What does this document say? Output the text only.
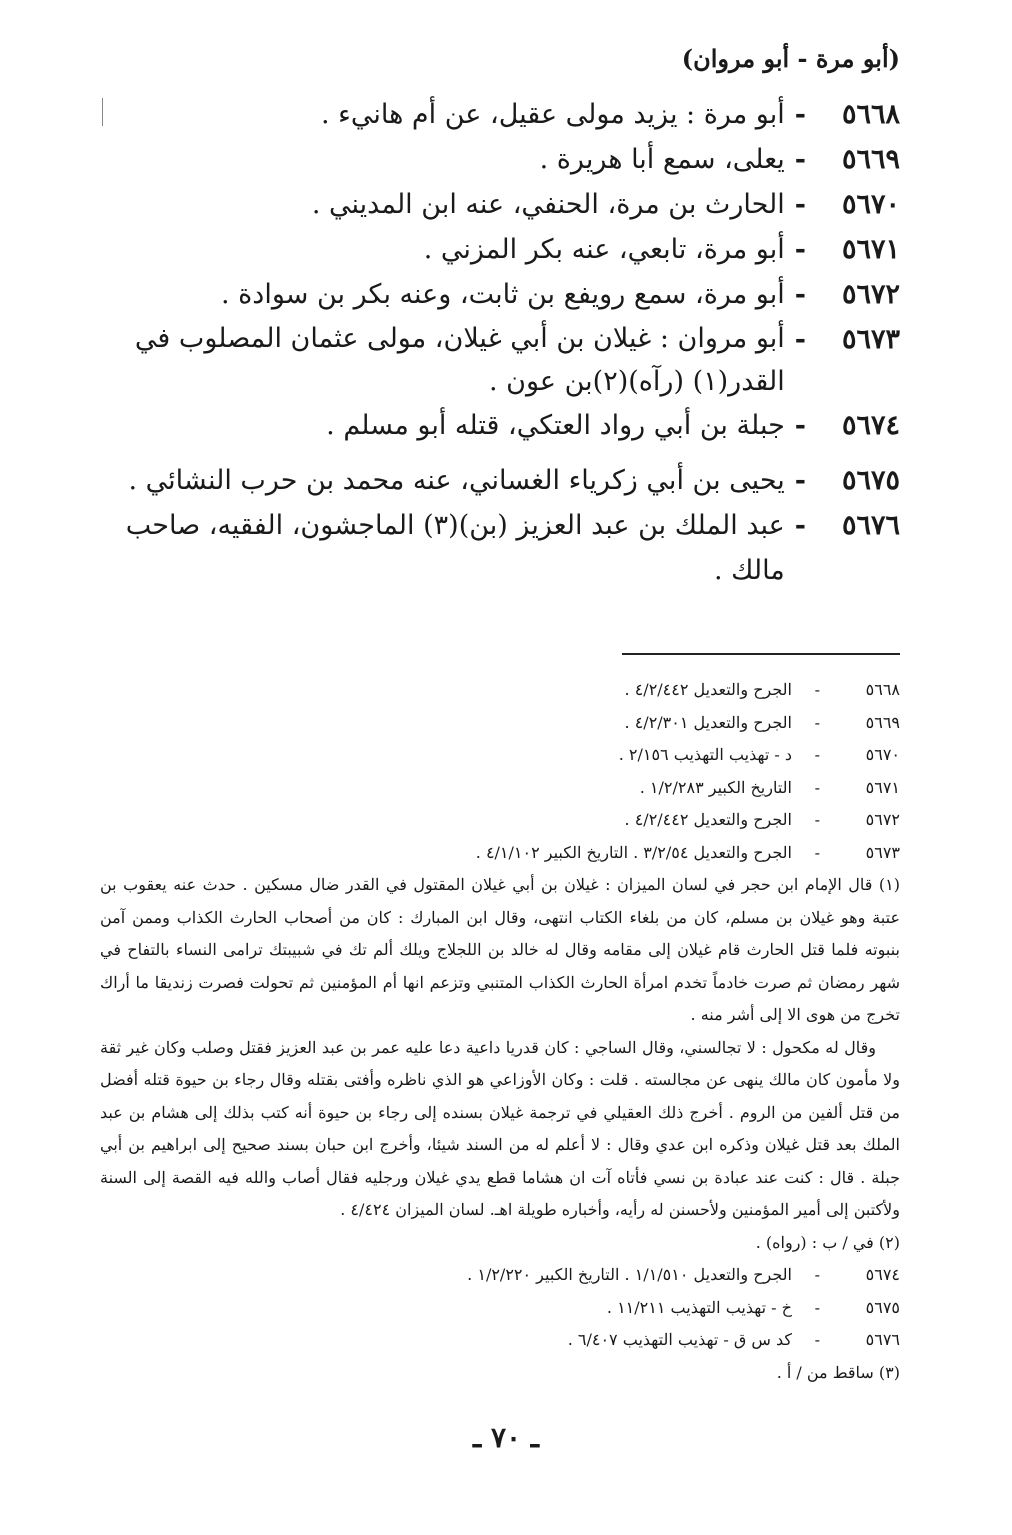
(أبو مرة - أبو مروان)
٥٦٦٨
-
أبو مرة : يزيد مولى عقيل، عن أم هانيء .
٥٦٦٩
-
يعلى، سمع أبا هريرة .
٥٦٧٠
-
الحارث بن مرة، الحنفي، عنه ابن المديني .
٥٦٧١
-
أبو مرة، تابعي، عنه بكر المزني .
٥٦٧٢
-
أبو مرة، سمع رويفع بن ثابت، وعنه بكر بن سوادة .
٥٦٧٣
-
أبو مروان : غيلان بن أبي غيلان، مولى عثمان المصلوب في القدر(١) (رآه)(٢)بن عون .
٥٦٧٤
-
جبلة بن أبي رواد العتكي، قتله أبو مسلم .
٥٦٧٥
-
يحيى بن أبي زكرياء الغساني، عنه محمد بن حرب النشائي .
٥٦٧٦
-
عبد الملك بن عبد العزيز (بن)(٣) الماجشون، الفقيه، صاحب مالك .
٥٦٦٨
-
الجرح والتعديل ٤/٢/٤٤٢ .
٥٦٦٩
-
الجرح والتعديل ٤/٢/٣٠١ .
٥٦٧٠
-
د - تهذيب التهذيب ٢/١٥٦ .
٥٦٧١
-
التاريخ الكبير ١/٢/٢٨٣ .
٥٦٧٢
-
الجرح والتعديل ٤/٢/٤٤٢ .
٥٦٧٣
-
الجرح والتعديل ٣/٢/٥٤ . التاريخ الكبير ٤/١/١٠٢ .
(١) قال الإمام ابن حجر في لسان الميزان : غيلان بن أبي غيلان المقتول في القدر ضال مسكين . حدث عنه يعقوب بن عتبة وهو غيلان بن مسلم، كان من بلغاء الكتاب انتهى، وقال ابن المبارك : كان من أصحاب الحارث الكذاب وممن آمن بنبوته فلما قتل الحارث قام غيلان إلى مقامه وقال له خالد بن اللجلاج ويلك ألم تك في شبيبتك ترامى النساء بالتفاح في شهر رمضان ثم صرت خادماً تخدم امرأة الحارث الكذاب المتنبي وتزعم انها أم المؤمنين ثم تحولت فصرت زنديقا ما أراك تخرج من هوى الا إلى أشر منه .
وقال له مكحول : لا تجالسني، وقال الساجي : كان قدريا داعية دعا عليه عمر بن عبد العزيز فقتل وصلب وكان غير ثقة ولا مأمون كان مالك ينهى عن مجالسته . قلت : وكان الأوزاعي هو الذي ناظره وأفتى بقتله وقال رجاء بن حيوة قتله أفضل من قتل ألفين من الروم . أخرج ذلك العقيلي في ترجمة غيلان بسنده إلى رجاء بن حيوة أنه كتب بذلك إلى هشام بن عبد الملك بعد قتل غيلان وذكره ابن عدي وقال : لا أعلم له من السند شيئا، وأخرج ابن حبان بسند صحيح إلى ابراهيم بن أبي جبلة . قال : كنت عند عبادة بن نسي فأتاه آت ان هشاما قطع يدي غيلان ورجليه فقال أصاب والله فيه القصة إلى السنة ولأكتبن إلى أمير المؤمنين ولأحسنن له رأيه، وأخباره طويلة اهـ. لسان الميزان ٤/٤٢٤ .
(٢) في / ب : (رواه) .
٥٦٧٤
-
الجرح والتعديل ١/١/٥١٠ . التاريخ الكبير ١/٢/٢٢٠ .
٥٦٧٥
-
خ - تهذيب التهذيب ١١/٢١١ .
٥٦٧٦
-
كد س ق - تهذيب التهذيب ٦/٤٠٧ .
(٣) ساقط من / أ .
ـ ٧٠ ـ
